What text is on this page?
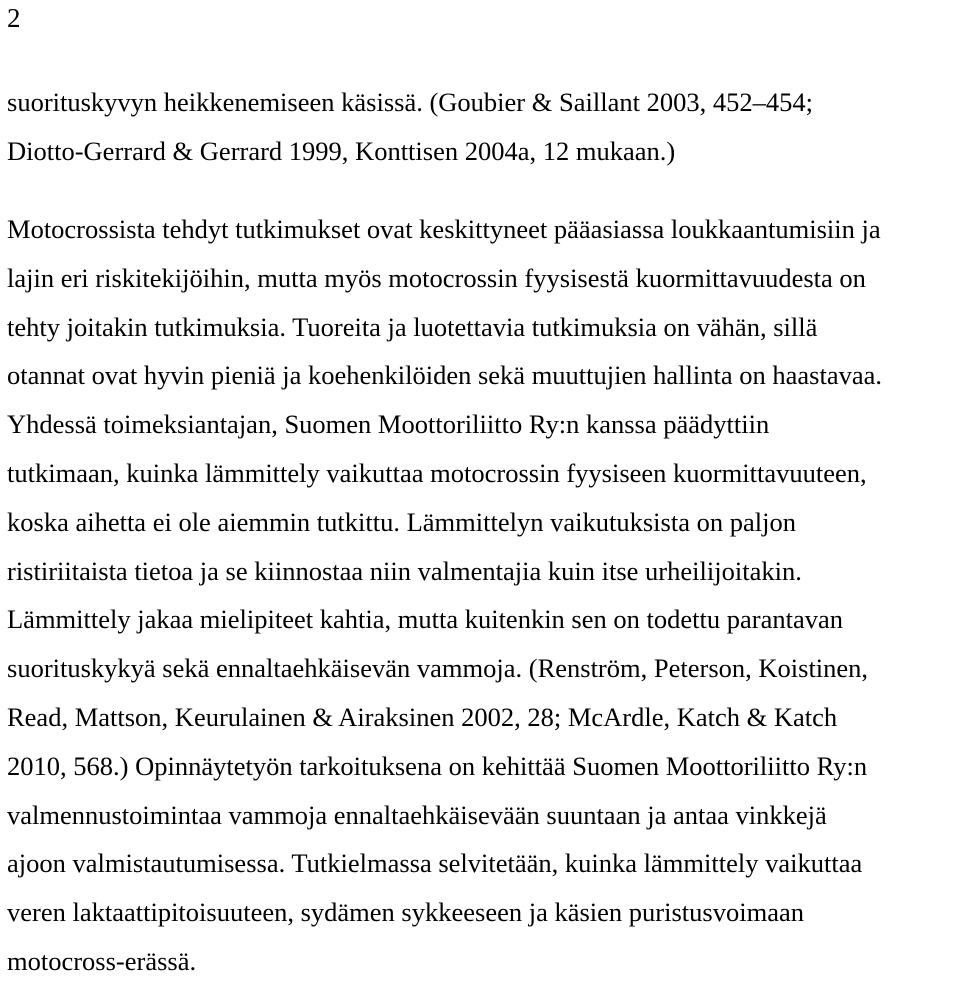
2
suorituskyvyn heikkenemiseen käsissä. (Goubier & Saillant 2003, 452–454;
Diotto-Gerrard & Gerrard 1999, Konttisen 2004a, 12 mukaan.)
Motocrossista tehdyt tutkimukset ovat keskittyneet pääasiassa loukkaantumisiin ja
lajin eri riskitekijöihin, mutta myös motocrossin fyysisestä kuormittavuudesta on
tehty joitakin tutkimuksia. Tuoreita ja luotettavia tutkimuksia on vähän, sillä
otannat ovat hyvin pieniä ja koehenkilöiden sekä muuttujien hallinta on haastavaa.
Yhdessä toimeksiantajan, Suomen Moottoriliitto Ry:n kanssa päädyttiin
tutkimaan, kuinka lämmittely vaikuttaa motocrossin fyysiseen kuormittavuuteen,
koska aihetta ei ole aiemmin tutkittu. Lämmittelyn vaikutuksista on paljon
ristiriitaista tietoa ja se kiinnostaa niin valmentajia kuin itse urheilijoitakin.
Lämmittely jakaa mielipiteet kahtia, mutta kuitenkin sen on todettu parantavan
suorituskykyä sekä ennaltaehkäisevän vammoja. (Renström, Peterson, Koistinen,
Read, Mattson, Keurulainen & Airaksinen 2002, 28; McArdle, Katch & Katch
2010, 568.) Opinnäytetyön tarkoituksena on kehittää Suomen Moottoriliitto Ry:n
valmennustoimintaa vammoja ennaltaehkäisevään suuntaan ja antaa vinkkejä
ajoon valmistautumisessa. Tutkielmassa selvitetään, kuinka lämmittely vaikuttaa
veren laktaattipitoisuuteen, sydämen sykkeeseen ja käsien puristusvoimaan
motocross-erässä.
